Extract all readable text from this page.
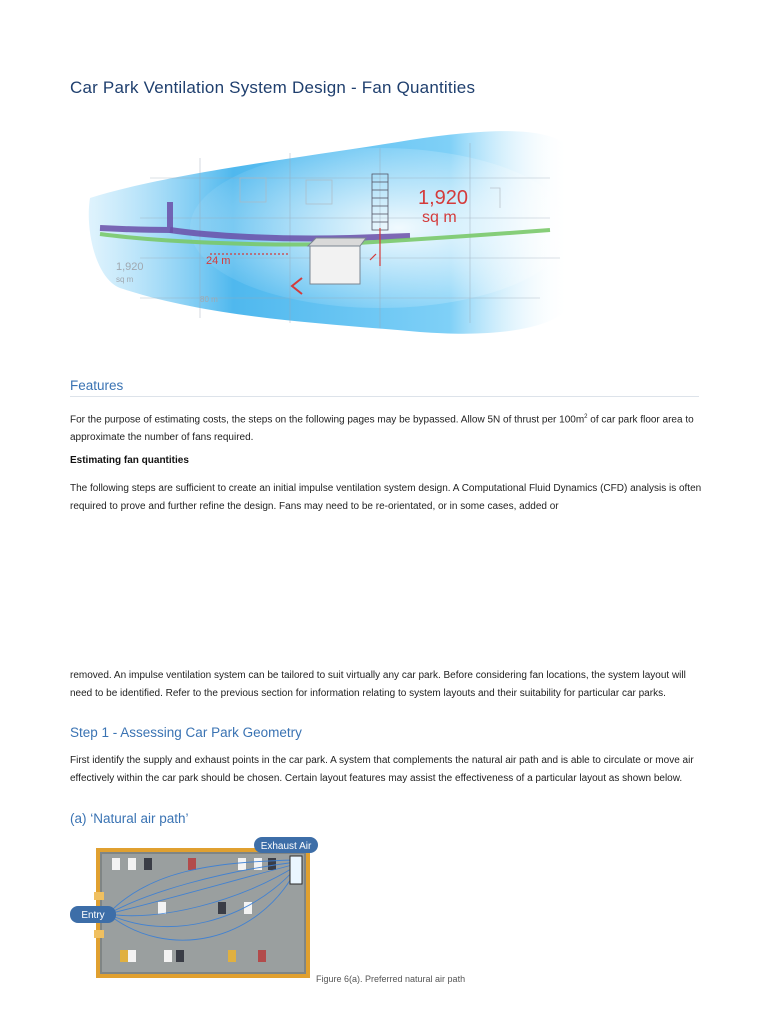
Car Park Ventilation System Design - Fan Quantities
1,920
sq m
1,920
sq m
24 m
80 m
Features
For the purpose of estimating costs, the steps on the following pages may be bypassed. Allow 5N of thrust per $100m^2$ of car park floor area to approximate the number of fans required.
Estimating fan quantities
The following steps are sufficient to create an initial impulse ventilation system design. A Computational Fluid Dynamics (CFD) analysis is often required to prove and further refine the design. Fans may need to be re-orientated, or in some cases, added or
removed. An impulse ventilation system can be tailored to suit virtually any car park. Before considering fan locations, the system layout will need to be identified. Refer to the previous section for information relating to system layouts and their suitability for particular car parks.
Step 1 - Assessing Car Park Geometry
First identify the supply and exhaust points in the car park. A system that complements the natural air path and is able to circulate or move air effectively within the car park should be chosen. Certain layout features may assist the effectiveness of a particular layout as shown below.
(a) ‘Natural air path’
Exhaust Air
Entry
Figure 6(a). Preferred natural air path
